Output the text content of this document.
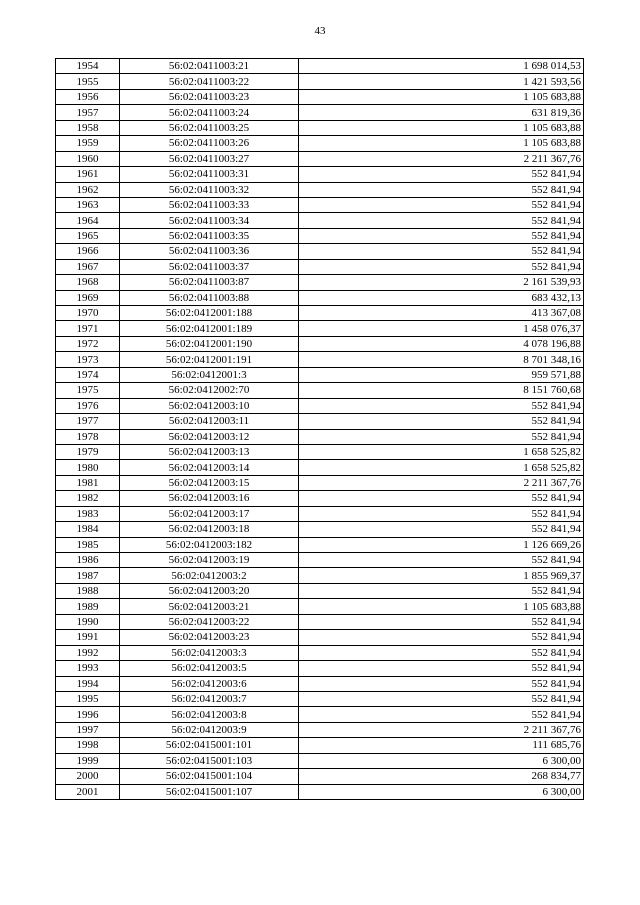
43
1954	56:02:0411003:21	1 698 014,53
1955	56:02:0411003:22	1 421 593,56
1956	56:02:0411003:23	1 105 683,88
1957	56:02:0411003:24	631 819,36
1958	56:02:0411003:25	1 105 683,88
1959	56:02:0411003:26	1 105 683,88
1960	56:02:0411003:27	2 211 367,76
1961	56:02:0411003:31	552 841,94
1962	56:02:0411003:32	552 841,94
1963	56:02:0411003:33	552 841,94
1964	56:02:0411003:34	552 841,94
1965	56:02:0411003:35	552 841,94
1966	56:02:0411003:36	552 841,94
1967	56:02:0411003:37	552 841,94
1968	56:02:0411003:87	2 161 539,93
1969	56:02:0411003:88	683 432,13
1970	56:02:0412001:188	413 367,08
1971	56:02:0412001:189	1 458 076,37
1972	56:02:0412001:190	4 078 196,88
1973	56:02:0412001:191	8 701 348,16
1974	56:02:0412001:3	959 571,88
1975	56:02:0412002:70	8 151 760,68
1976	56:02:0412003:10	552 841,94
1977	56:02:0412003:11	552 841,94
1978	56:02:0412003:12	552 841,94
1979	56:02:0412003:13	1 658 525,82
1980	56:02:0412003:14	1 658 525,82
1981	56:02:0412003:15	2 211 367,76
1982	56:02:0412003:16	552 841,94
1983	56:02:0412003:17	552 841,94
1984	56:02:0412003:18	552 841,94
1985	56:02:0412003:182	1 126 669,26
1986	56:02:0412003:19	552 841,94
1987	56:02:0412003:2	1 855 969,37
1988	56:02:0412003:20	552 841,94
1989	56:02:0412003:21	1 105 683,88
1990	56:02:0412003:22	552 841,94
1991	56:02:0412003:23	552 841,94
1992	56:02:0412003:3	552 841,94
1993	56:02:0412003:5	552 841,94
1994	56:02:0412003:6	552 841,94
1995	56:02:0412003:7	552 841,94
1996	56:02:0412003:8	552 841,94
1997	56:02:0412003:9	2 211 367,76
1998	56:02:0415001:101	111 685,76
1999	56:02:0415001:103	6 300,00
2000	56:02:0415001:104	268 834,77
2001	56:02:0415001:107	6 300,00
